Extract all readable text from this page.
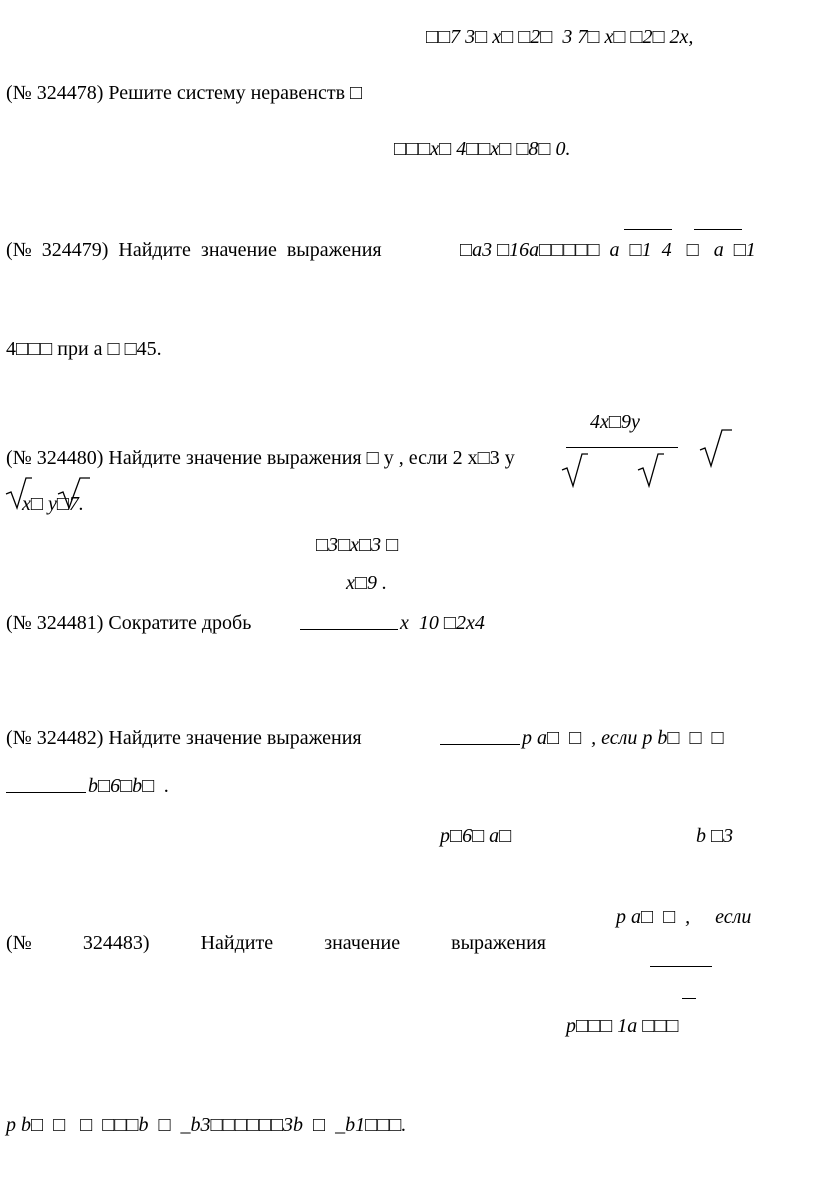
□□7 3□ x□ □2□  3 7□ x□ □2□ 2x,
(№ 324478) Решите систему неравенств □
□□□x□ 4□□x□ □8□ 0.
(№  324479)  Найдите  значение  выражения	□a3 □16a□□□□□  a  □1  4   □   a  □1
4□□□ при a □ □45.
4x□9y
(№ 324480) Найдите значение выражения □ y , если 2 x□3 y
x□ y□7.
□3□x□3 □
x□9 .
(№ 324481) Сократите дробь	x  10 □2x4
(№ 324482) Найдите значение выражения	p a□  □  , если p b□  □  □
b□6□b□  .
p□6□ a□	b □3
p a□  □  ,     если
(№	324483)	Найдите	значение	выражения
p□□□ 1a □□□
p b□  □   □  □□□b  □  _b3□□□□□□3b  □  _b1□□□.
